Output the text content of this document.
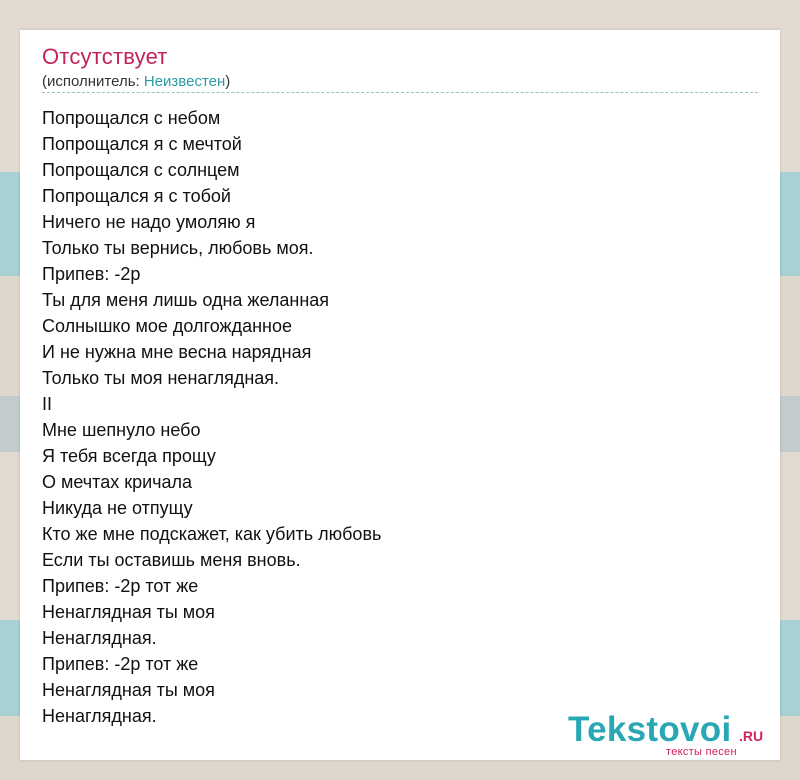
Отсутствует
(исполнитель: Неизвестен)
Попрощался с небом
Попрощался я с мечтой
Попрощался с солнцем
Попрощался я с тобой
Ничего не надо умоляю я
Только ты вернись, любовь моя.
Припев: -2р
Ты для меня лишь одна желанная
Солнышко мое долгожданное
И не нужна мне весна нарядная
Только ты моя ненаглядная.
II
Мне шепнуло небо
Я тебя всегда прощу
О мечтах кричала
Никуда не отпущу
Кто же мне подскажет, как убить любовь
Если ты оставишь меня вновь.
Припев: -2р тот же
Ненаглядная ты моя
Ненаглядная.
Припев: -2р тот же
Ненаглядная ты моя
Ненаглядная.	Tekstovoi .RU
тексты песен
